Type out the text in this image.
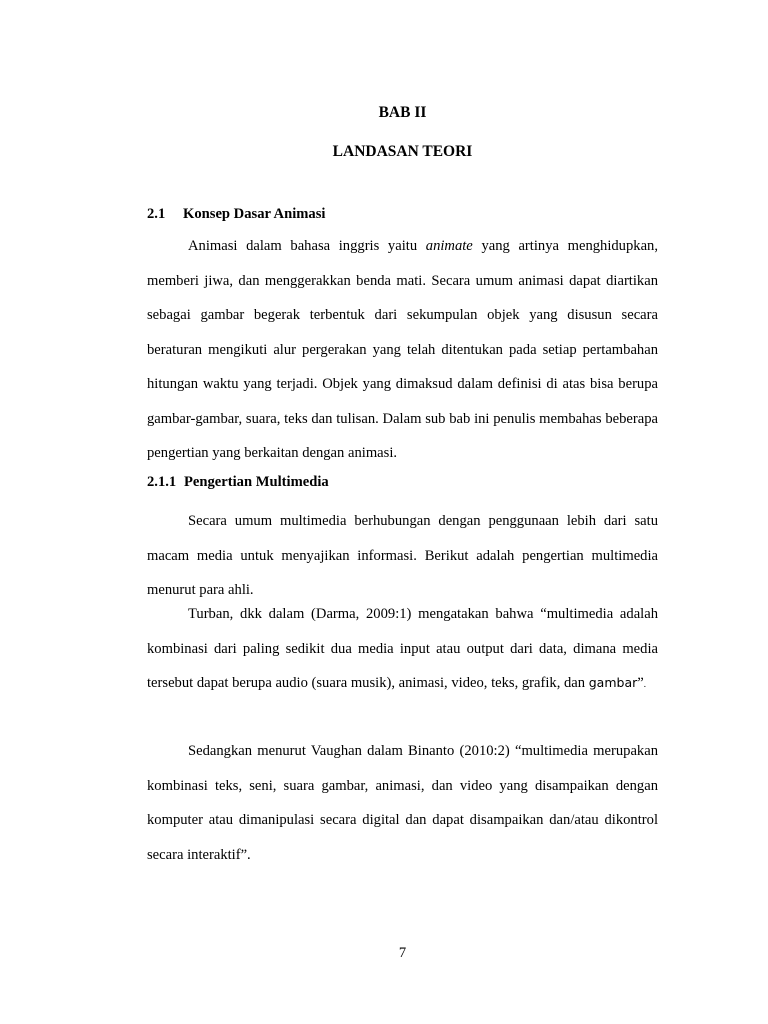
BAB II
LANDASAN TEORI
2.1 Konsep Dasar Animasi
Animasi dalam bahasa inggris yaitu animate yang artinya menghidupkan, memberi jiwa, dan menggerakkan benda mati. Secara umum animasi dapat diartikan sebagai gambar begerak terbentuk dari sekumpulan objek yang disusun secara beraturan mengikuti alur pergerakan yang telah ditentukan pada setiap pertambahan hitungan waktu yang terjadi. Objek yang dimaksud dalam definisi di atas bisa berupa gambar-gambar, suara, teks dan tulisan. Dalam sub bab ini penulis membahas beberapa pengertian yang berkaitan dengan animasi.
2.1.1 Pengertian Multimedia
Secara umum multimedia berhubungan dengan penggunaan lebih dari satu macam media untuk menyajikan informasi. Berikut adalah pengertian multimedia menurut para ahli.
Turban, dkk dalam (Darma, 2009:1) mengatakan bahwa “multimedia adalah kombinasi dari paling sedikit dua media input atau output dari data, dimana media tersebut dapat berupa audio (suara musik), animasi, video, teks, grafik, dan gambar”.
Sedangkan menurut Vaughan dalam Binanto (2010:2) “multimedia merupakan kombinasi teks, seni, suara gambar, animasi, dan video yang disampaikan dengan komputer atau dimanipulasi secara digital dan dapat disampaikan dan/atau dikontrol secara interaktif”.
7
